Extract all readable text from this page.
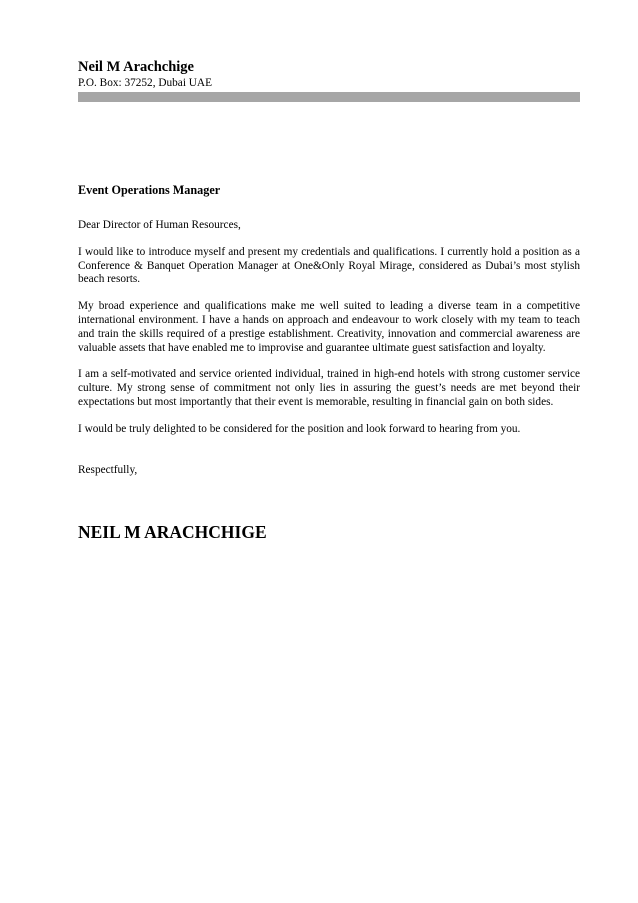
Neil M Arachchige
P.O. Box: 37252, Dubai UAE
Event Operations Manager
Dear Director of Human Resources,
I would like to introduce myself and present my credentials and qualifications. I currently hold a position as a Conference & Banquet Operation Manager at One&Only Royal Mirage, considered as Dubai’s most stylish beach resorts.
My broad experience and qualifications make me well suited to leading a diverse team in a competitive international environment. I have a hands on approach and endeavour to work closely with my team to teach and train the skills required of a prestige establishment. Creativity, innovation and commercial awareness are valuable assets that have enabled me to improvise and guarantee ultimate guest satisfaction and loyalty.
I am a self-motivated and service oriented individual, trained in high-end hotels with strong customer service culture. My strong sense of commitment not only lies in assuring the guest’s needs are met beyond their expectations but most importantly that their event is memorable, resulting in financial gain on both sides.
I would be truly delighted to be considered for the position and look forward to hearing from you.
Respectfully,
NEIL M ARACHCHIGE
